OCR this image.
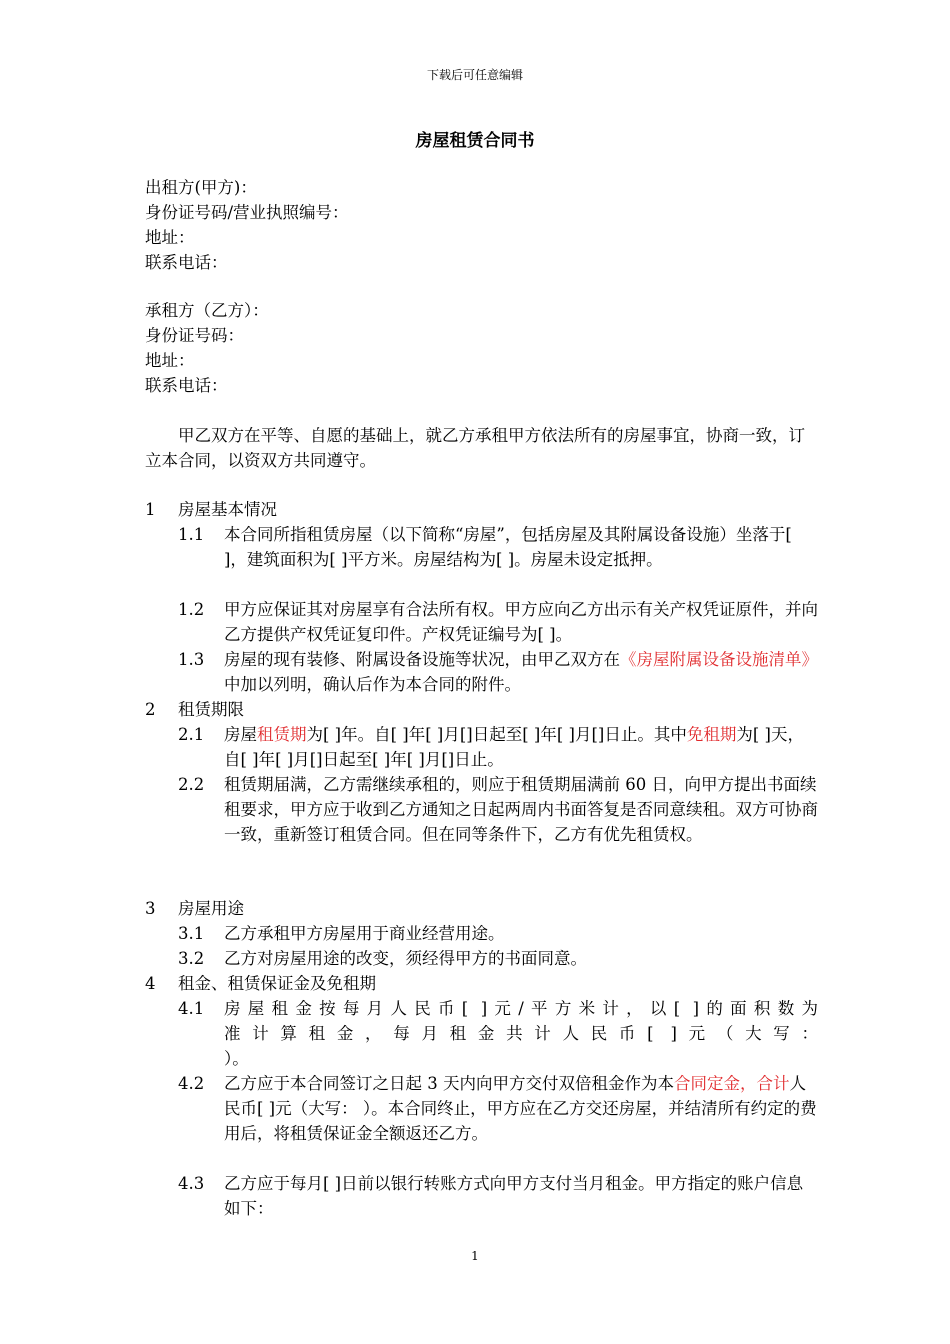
下载后可任意编辑
房屋租赁合同书
出租方(甲方)：
身份证号码/营业执照编号：
地址：
联系电话：
承租方（乙方）：
身份证号码：
地址：
联系电话：
甲乙双方在平等、自愿的基础上，就乙方承租甲方依法所有的房屋事宜，协商一致，订立本合同，以资双方共同遵守。
1 房屋基本情况
1.1	本合同所指租赁房屋（以下简称“房屋”，包括房屋及其附属设备设施）坐落于[ ]，建筑面积为[ ]平方米。房屋结构为[ ]。房屋未设定抵押。
1.2	甲方应保证其对房屋享有合法所有权。甲方应向乙方出示有关产权凭证原件，并向乙方提供产权凭证复印件。产权凭证编号为[ ]。
1.3	房屋的现有装修、附属设备设施等状况，由甲乙双方在《房屋附属设备设施清单》中加以列明，确认后作为本合同的附件。
2 租赁期限
2.1	房屋租赁期为[ ]年。自[ ]年[ ]月[]日起至[ ]年[ ]月[]日止。其中免租期为[ ]天，自[ ]年[ ]月[]日起至[ ]年[ ]月[]日止。
2.2	租赁期届满，乙方需继续承租的，则应于租赁期届满前 60 日，向甲方提出书面续租要求，甲方应于收到乙方通知之日起两周内书面答复是否同意续租。双方可协商一致，重新签订租赁合同。但在同等条件下，乙方有优先租赁权。
3 房屋用途
3.1	乙方承租甲方房屋用于商业经营用途。
3.2	乙方对房屋用途的改变，须经得甲方的书面同意。
4 租金、租赁保证金及免租期
4.1	房屋租金按每月人民币[ ]元/平方米计，以[ ]的面积数为
准计算租金，每月租金共计人民币[ ]元（大写：
）。
4.2	乙方应于本合同签订之日起 3 天内向甲方交付双倍租金作为本合同定金，合计人民币[ ]元（大写： ）。本合同终止，甲方应在乙方交还房屋，并结清所有约定的费用后，将租赁保证金全额返还乙方。
4.3	乙方应于每月[ ]日前以银行转账方式向甲方支付当月租金。甲方指定的账户信息如下：
1
